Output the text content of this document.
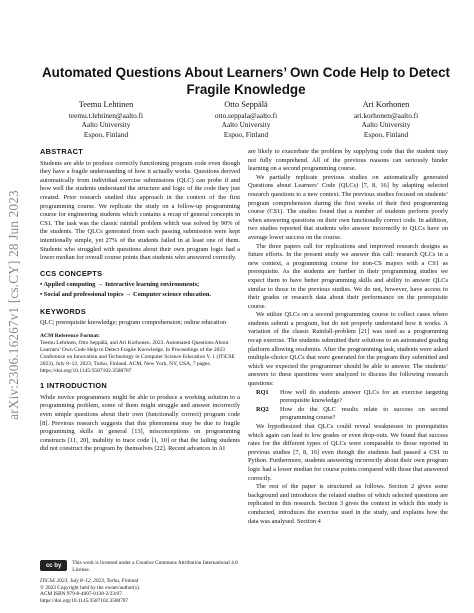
arXiv:2306.16267v1 [cs.CY] 28 Jun 2023
Automated Questions About Learners’ Own Code Help to Detect Fragile Knowledge
Teemu Lehtinen
teemu.t.lehtinen@aalto.fi
Aalto University
Espoo, Finland
Otto Seppälä
otto.seppala@aalto.fi
Aalto University
Espoo, Finland
Ari Korhonen
ari.korhonen@aalto.fi
Aalto University
Espoo, Finland
ABSTRACT

Students are able to produce correctly functioning program code even though they have a fragile understanding of how it actually works. Questions derived automatically from individual exercise submissions (QLC) can probe if and how well the students understand the structure and logic of the code they just created. Prior research studied this approach in the context of the first programming course. We replicate the study on a follow-up programming course for engineering students which contains a recap of general concepts in CS1. The task was the classic rainfall problem which was solved by 90% of the students. The QLCs generated from each passing submission were kept intentionally simple, yet 27% of the students failed in at least one of them. Students who struggled with questions about their own program logic had a lower median for overall course points than students who answered correctly.

CCS CONCEPTS

• Applied computing → Interactive learning environments;

• Social and professional topics → Computer science education.

KEYWORDS

QLC; prerequisite knowledge; program comprehension; online education

ACM Reference Format:

Teemu Lehtinen, Otto Seppälä, and Ari Korhonen. 2023. Automated Questions About Learners’ Own Code Help to Detect Fragile Knowledge. In Proceedings of the 2023 Conference on Innovation and Technology in Computer Science Education V. 1 (ITiCSE 2023), July 8–12, 2023, Turku, Finland. ACM, New York, NY, USA, 7 pages. https://doi.org/10.1145/3587102.3588787

1 INTRODUCTION

While novice programmers might be able to produce a working solution to a programming problem, some of them might struggle and answer incorrectly even simple questions about their own (functionally correct) program code [8]. Previous research suggests that this phenomena may be due to fragile programming skills in general [13], misconceptions on programming constructs [11, 20], inability to trace code [1, 10] or that the failing students did not construct the program by themselves [22]. Recent advances in AI

are likely to exacerbate the problem by supplying code that the student may not fully comprehend. All of the previous reasons can seriously hinder learning on a second programming course.

We partially replicate previous studies on automatically generated Questions about Learners’ Code (QLCs) [7, 8, 16] by adapting selected research questions to a new context. The previous studies focused on students’ program comprehension during the first weeks of their first programming course (CS1). The studies found that a number of students perform poorly when answering questions on their own functionally correct code. In addition, two studies reported that students who answer incorrectly to QLCs have on average lower success on the course.

The three papers call for replications and improved research designs as future efforts. In the present study we answer this call: research QLCs in a new context, a programming course for non-CS majors with a CS1 as prerequisite. As the students are further in their programming studies we expect them to have better programming skills and ability to answer QLCs similar to those in the previous studies. We do not, however, have access to their grades or research data about their performance on the prerequisite course.

We utilize QLCs on a second programming course to collect cases where students submit a program, but do not properly understand how it works. A variation of the classic Rainfall-problem [21] was used as a programming recap exercise. The students submitted their solutions to an automated grading platform allowing resubmits. After the programming task, students were asked multiple-choice QLCs that were generated for the program they submitted and which we expected the programmer should be able to answer. The students’ answers to these questions were analyzed to discuss the following research questions:

RQ1	How well do students answer QLCs for an exercise targeting prerequisite knowledge?
RQ2	How do the QLC results relate to success on second programming course?

We hypothesized that QLCs could reveal weaknesses in prerequisites which again can lead to low grades or even drop-outs. We found that success rates for the different types of QLCs were comparable to those reported in previous studies [7, 8, 16] even though the students had passed a CS1 in Python. Furthermore, students answering incorrectly about their own program logic had a lower median for course points compared with those that answered correctly.

The rest of the paper is structured as follows. Section 2 gives some background and introduces the related studies of which selected questions are replicated in this research. Section 3 gives the context in which this study is conducted, introduces the exercise used in the study, and explains how the data was analysed. Section 4

cc by This work is licensed under a Creative Commons Attribution International 4.0 License.
ITiCSE 2023, July 8–12, 2023, Turku, Finland
© 2023 Copyright held by the owner/author(s).
ACM ISBN 979-8-4007-0138-2/23/07.
https://doi.org/10.1145/3587102.3588787
